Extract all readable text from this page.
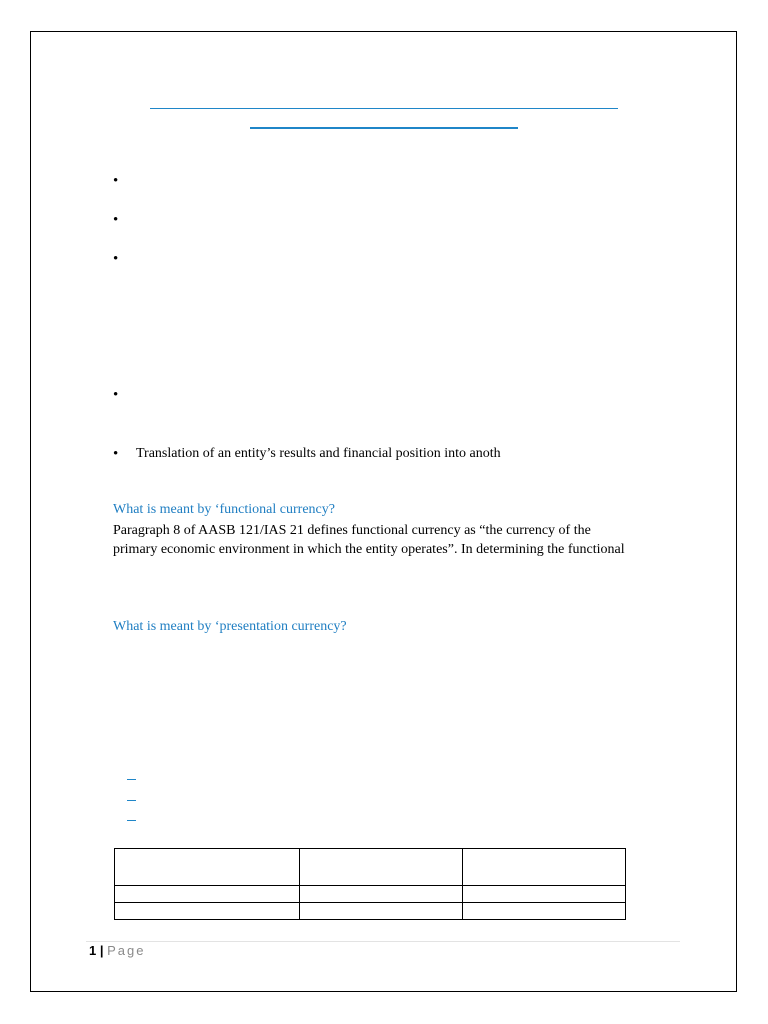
•
•
•
•
• Translation of an entity’s results and financial position into anoth
What is meant by ‘functional currency?
Paragraph 8 of AASB 121/IAS 21 defines functional currency as “the currency of the
primary economic environment in which the entity operates”. In determining the functional
What is meant by ‘presentation currency?

1 | Page
